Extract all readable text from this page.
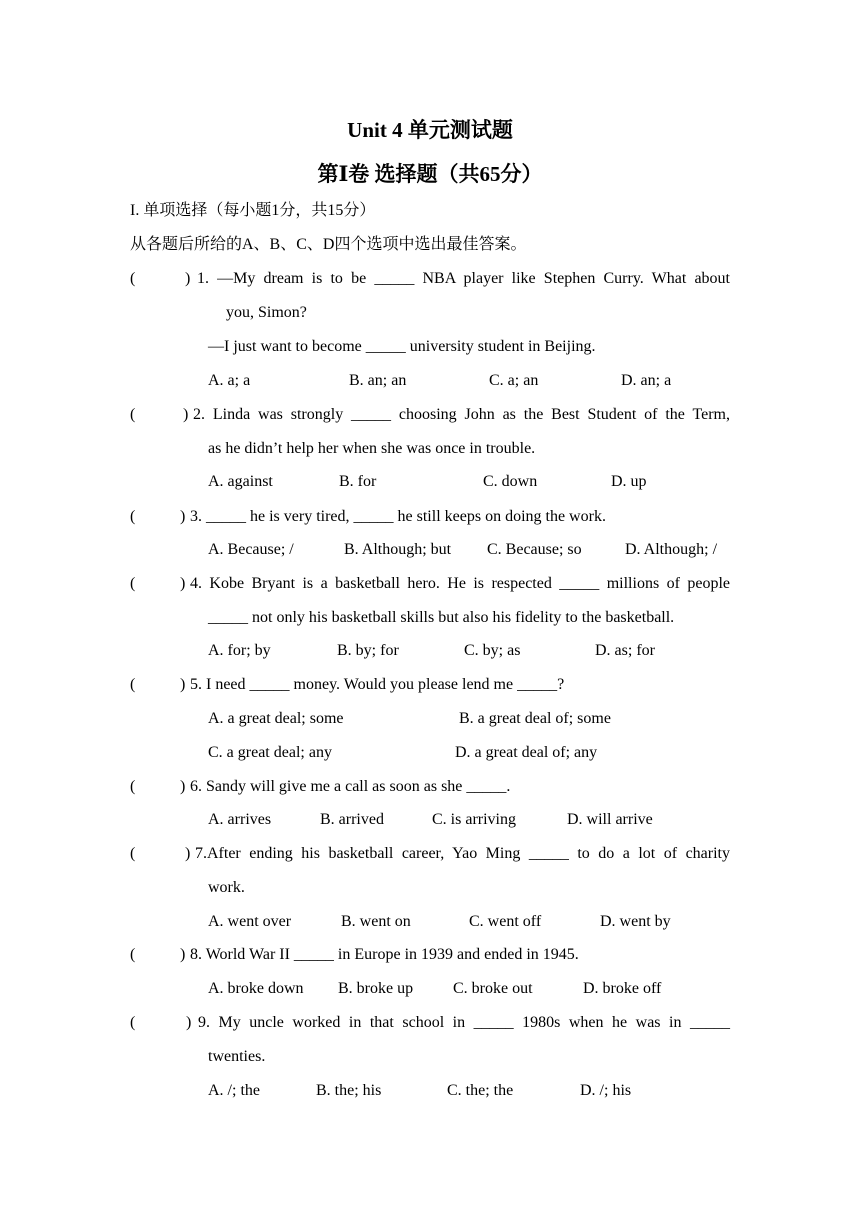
Unit 4 单元测试题
第Ⅰ卷 选择题（共65分）
I. 单项选择（每小题1分，共15分）
从各题后所给的A、B、C、D四个选项中选出最佳答案。
(	) 1. —My dream is to be _____ NBA player like Stephen Curry. What about
you, Simon?
—I just want to become _____ university student in Beijing.
A. a; a	B. an; an	C. a; an	D. an; a
(	) 2. Linda was strongly _____ choosing John as the Best Student of the Term,
as he didn’t help her when she was once in trouble.
A. against	B. for	C. down	D. up
(	) 3. _____ he is very tired, _____ he still keeps on doing the work.
A. Because; /	B. Although; but C. Because; so	D. Although; /
(	) 4. Kobe Bryant is a basketball hero. He is respected _____ millions of people
_____ not only his basketball skills but also his fidelity to the basketball.
A. for; by	B. by; for	C. by; as	D. as; for
(	) 5. I need _____ money. Would you please lend me _____?
A. a great deal; some	B. a great deal of; some
C. a great deal; any	D. a great deal of; any
(	) 6. Sandy will give me a call as soon as she _____.
A. arrives	B. arrived	C. is arriving	D. will arrive
(	) 7.After ending his basketball career, Yao Ming _____ to do a lot of charity
work.
A. went over	B. went on	C. went off	D. went by
(	) 8. World War II _____ in Europe in 1939 and ended in 1945.
A. broke down B. broke up C. broke out	D. broke off
(	) 9. My uncle worked in that school in _____ 1980s when he was in _____
twenties.
A. /; the	B. the; his	C. the; the	D. /; his
